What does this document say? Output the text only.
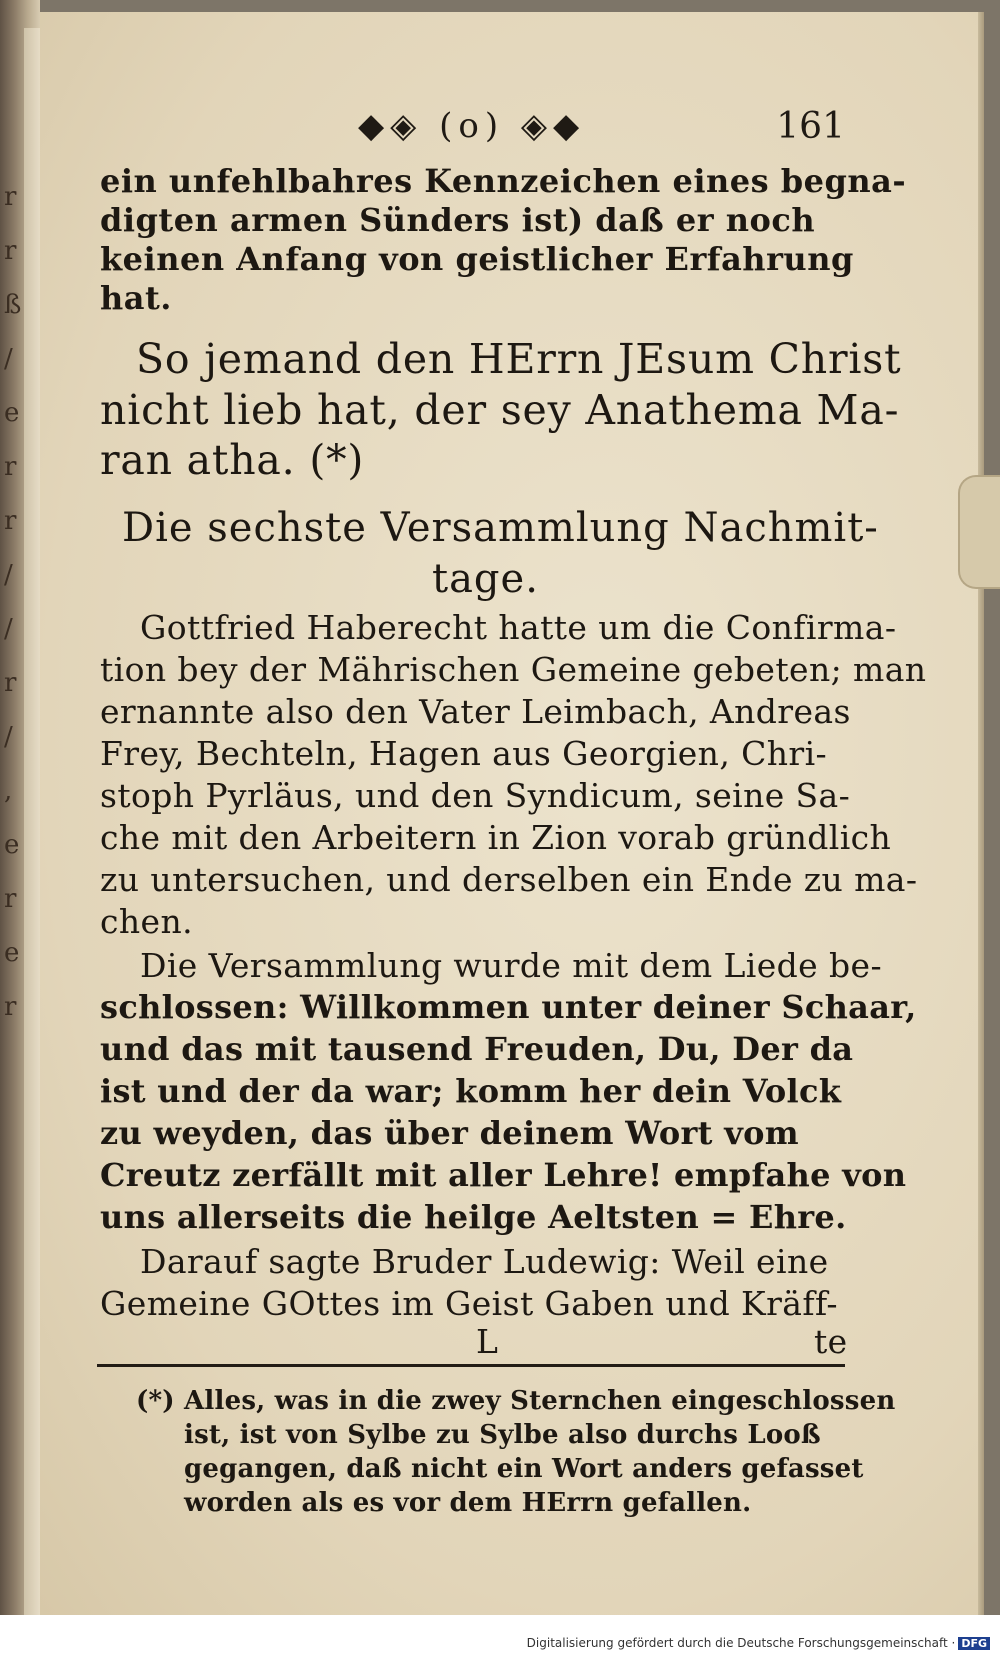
r
r
ß
/
e
r
r
/
/
r
/
,
e
r
e
r
◆◈ (o) ◈◆	161
ein unfehlbahres Kennzeichen eines begna-
digten armen Sünders ist) daß er noch
keinen Anfang von geistlicher Erfahrung
hat.
So jemand den HErrn JEsum Christ
nicht lieb hat, der sey Anathema Ma-
ran atha. (*)
Die sechste Versammlung Nachmit-
tage.
Gottfried Haberecht hatte um die Confirma-
tion bey der Mährischen Gemeine gebeten; man
ernannte also den Vater Leimbach, Andreas
Frey, Bechteln, Hagen aus Georgien, Chri-
stoph Pyrläus, und den Syndicum, seine Sa-
che mit den Arbeitern in Zion vorab gründlich
zu untersuchen, und derselben ein Ende zu ma-
chen.
Die Versammlung wurde mit dem Liede be-
schlossen: Willkommen unter deiner Schaar,
und das mit tausend Freuden, Du, Der da
ist und der da war; komm her dein Volck
zu weyden, das über deinem Wort vom
Creutz zerfällt mit aller Lehre! empfahe von
uns allerseits die heilge Aeltsten = Ehre.
Darauf sagte Bruder Ludewig: Weil eine
Gemeine GOttes im Geist Gaben und Kräff-
L	te
(*) Alles, was in die zwey Sternchen eingeschlossen
ist, ist von Sylbe zu Sylbe also durchs Looß
gegangen, daß nicht ein Wort anders gefasset
worden als es vor dem HErrn gefallen.
Digitalisierung gefördert durch die Deutsche Forschungsgemeinschaft · DFG
